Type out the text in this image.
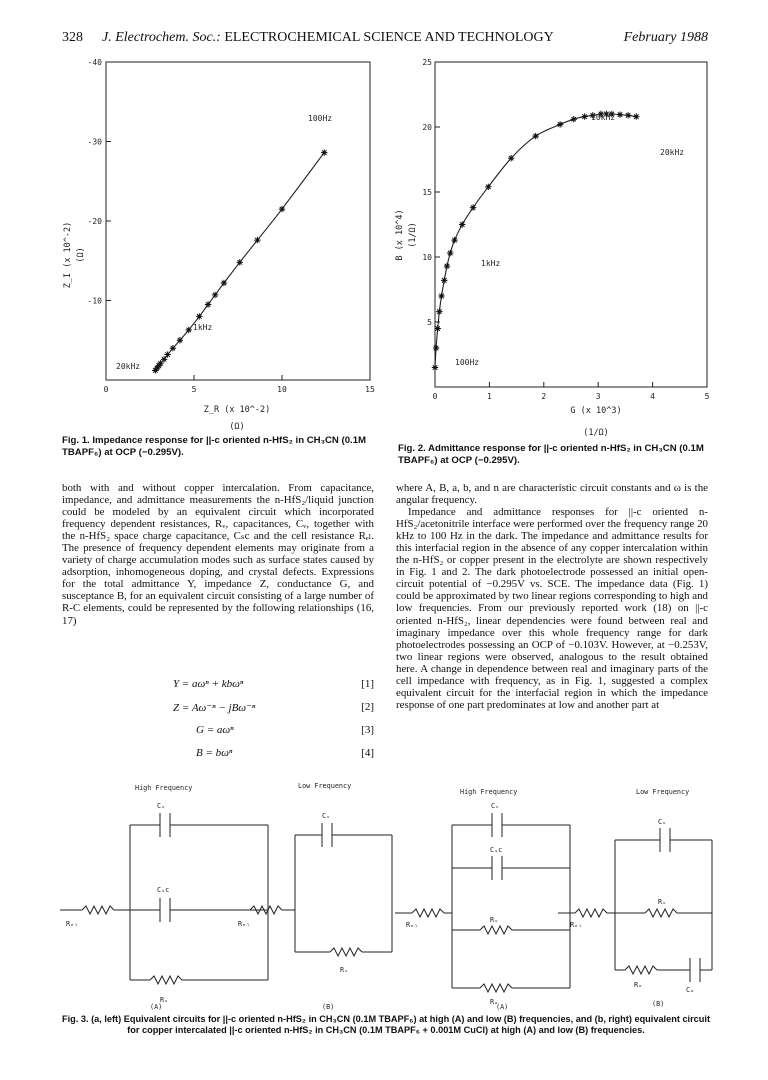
328 J. Electrochem. Soc.: ELECTROCHEMICAL SCIENCE AND TECHNOLOGY	February 1988
0	5	10	15
-40
-30
-20
-10
100Hz
1kHz
20kHz
Z_I (x 10^-2) (Ω)
Z_R (x 10^-2)
(Ω)
0	1	2	3	4	5
5
10
15
20
25
10kHz
20kHz
1kHz
100Hz
B (x 10^4) (1/Ω)
G (x 10^3)
(1/Ω)
Fig. 1. Impedance response for ||-c oriented n-HfS₂ in CH₃CN (0.1M TBAPF₆) at OCP (−0.295V).	Fig. 2. Admittance response for ||-c oriented n-HfS₂ in CH₃CN (0.1M TBAPF₆) at OCP (−0.295V).
both with and without copper intercalation. From capacitance, impedance, and admittance measurements the n-HfS₂/liquid junction could be modeled by an equivalent circuit which incorporated frequency dependent resistances, Rᵥ, capacitances, Cᵥ, together with the n-HfS₂ space charge capacitance, Cₛc and the cell resistance Rₑₗ. The presence of frequency dependent elements may originate from a variety of charge accumulation modes such as surface states caused by adsorption, inhomogeneous doping, and crystal defects. Expressions for the total admittance Y, impedance Z, conductance G, and susceptance B, for an equivalent circuit consisting of a large number of R-C elements, could be represented by the following relationships (16, 17)
Y = aωⁿ + kbωⁿ	[1]
Z = Aω⁻ⁿ − jBω⁻ⁿ	[2]
G = aωⁿ	[3]
B = bωⁿ	[4]
where A, B, a, b, and n are characteristic circuit constants and ω is the angular frequency.
Impedance and admittance responses for ||-c oriented n-HfS₂/acetonitrile interface were performed over the frequency range 20 kHz to 100 Hz in the dark. The impedance and admittance results for this interfacial region in the absence of any copper intercalation within the n-HfS₂ or copper present in the electrolyte are shown respectively in Fig. 1 and 2. The dark photoelectrode possessed an initial open-circuit potential of −0.295V vs. SCE. The impedance data (Fig. 1) could be approximated by two linear regions corresponding to high and low frequencies. From our previously reported work (18) on ||-c oriented n-HfS₂, linear dependencies were found between real and imaginary impedance over this whole frequency range for dark photoelectrodes possessing an OCP of −0.103V. However, at −0.253V, two linear regions were observed, analogous to the result obtained here. A change in dependence between real and imaginary parts of the cell impedance with frequency, as in Fig. 1, suggested a complex equivalent circuit for the interfacial region in which the impedance response of one part predominates at low and another part at
High Frequency	Low Frequency
High Frequency	Low Frequency
Cᵥ
Cₛc
Rₑₗ
Rᵥ
Cᵥ
Rₑₗ
Rᵥ
Cᵥ
Cₛc
Rₑₗ
Rᵥ
Rₒ
Cᵥ
Rᵥ
Rₑₗ
Rₒ
Cₒ
(A)	(B)	(A)	(B)
Fig. 3. (a, left) Equivalent circuits for ||-c oriented n-HfS₂ in CH₃CN (0.1M TBAPF₆) at high (A) and low (B) frequencies, and (b, right) equivalent circuit for copper intercalated ||-c oriented n-HfS₂ in CH₃CN (0.1M TBAPF₆ + 0.001M CuCl) at high (A) and low (B) frequencies.
